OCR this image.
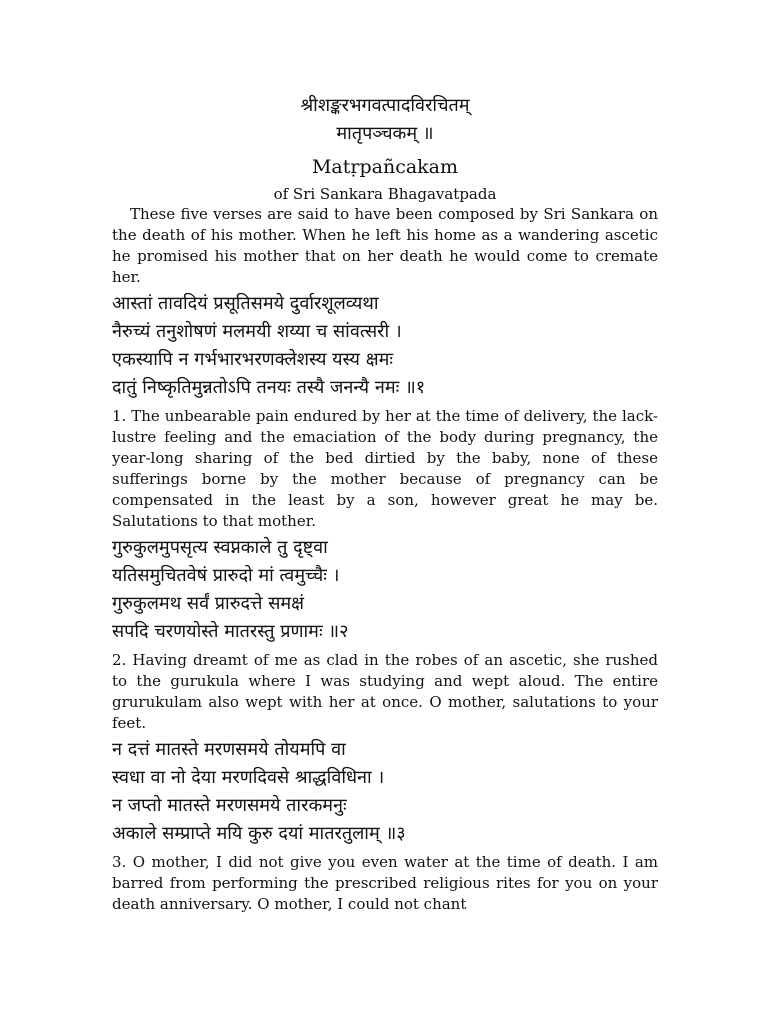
श्रीशङ्करभगवत्पादविरचितम्

मातृपञ्चकम् ॥

Matṛpañcakam

of Sri Sankara Bhagavatpada

These five verses are said to have been composed by Sri Sankara on the death of his mother. When he left his home as a wandering ascetic he promised his mother that on her death he would come to cremate her.

आस्तां तावदियं प्रसूतिसमये दुर्वारशूलव्यथा
नैरुच्यं तनुशोषणं मलमयी शय्या च सांवत्सरी ।
एकस्यापि न गर्भभारभरणक्लेशस्य यस्य क्षमः
दातुं निष्कृतिमुन्नतोऽपि तनयः तस्यै जनन्यै नमः ॥१

1. The unbearable pain endured by her at the time of delivery, the lack-lustre feeling and the emaciation of the body during pregnancy, the year-long sharing of the bed dirtied by the baby, none of these sufferings borne by the mother because of pregnancy can be compensated in the least by a son, however great he may be. Salutations to that mother.

गुरुकुलमुपसृत्य स्वप्नकाले तु दृष्ट्वा
यतिसमुचितवेषं प्रारुदो मां त्वमुच्चैः ।
गुरुकुलमथ सर्वं प्रारुदत्ते समक्षं
सपदि चरणयोस्ते मातरस्तु प्रणामः ॥२

2. Having dreamt of me as clad in the robes of an ascetic, she rushed to the gurukula where I was studying and wept aloud. The entire grurukulam also wept with her at once. O mother, salutations to your feet.

न दत्तं मातस्ते मरणसमये तोयमपि वा
स्वधा वा नो देया मरणदिवसे श्राद्धविधिना ।
न जप्तो मातस्ते मरणसमये तारकमनुः
अकाले सम्प्राप्ते मयि कुरु दयां मातरतुलाम् ॥३

3. O mother, I did not give you even water at the time of death. I am barred from performing the prescribed religious rites for you on your death anniversary. O mother, I could not chant
